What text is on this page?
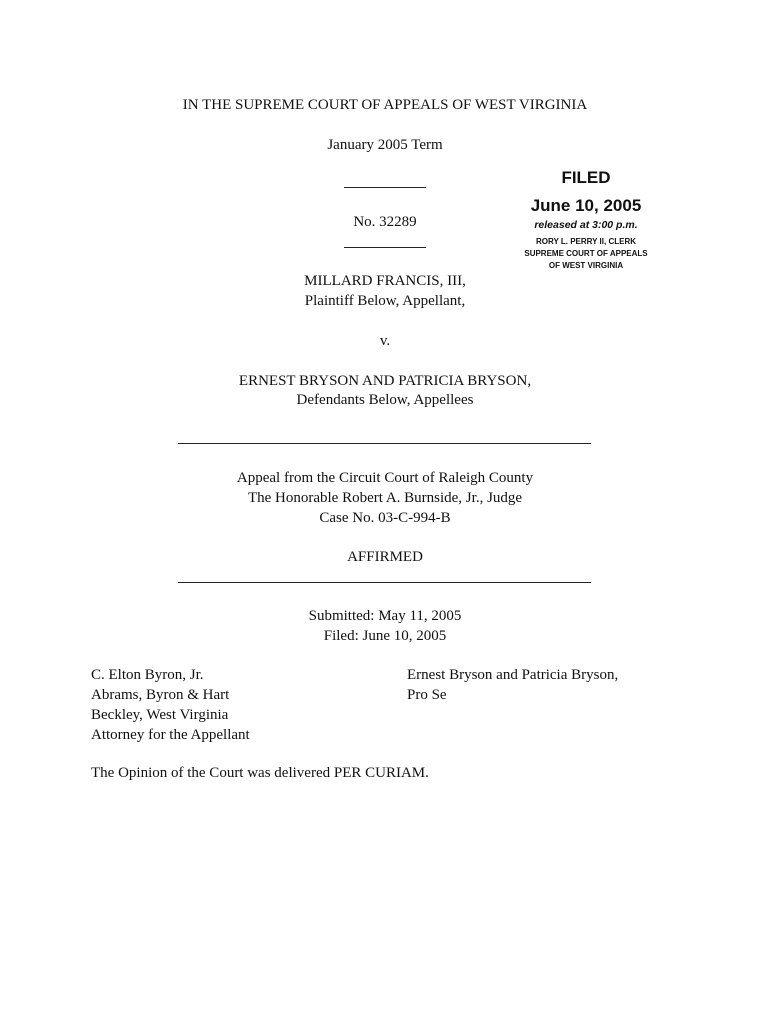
IN THE SUPREME COURT OF APPEALS OF WEST VIRGINIA
January 2005 Term
No. 32289
FILED
June 10, 2005
released at 3:00 p.m.
RORY L. PERRY II, CLERK
SUPREME COURT OF APPEALS
OF WEST VIRGINIA
MILLARD FRANCIS, III,
Plaintiff Below, Appellant,
v.
ERNEST BRYSON AND PATRICIA BRYSON,
Defendants Below, Appellees
Appeal from the Circuit Court of Raleigh County
The Honorable Robert A. Burnside, Jr., Judge
Case No. 03-C-994-B
AFFIRMED
Submitted: May 11, 2005
Filed: June 10, 2005
C. Elton Byron, Jr.
Abrams, Byron & Hart
Beckley, West Virginia
Attorney for the Appellant
Ernest Bryson and Patricia Bryson,
Pro Se
The Opinion of the Court was delivered PER CURIAM.
